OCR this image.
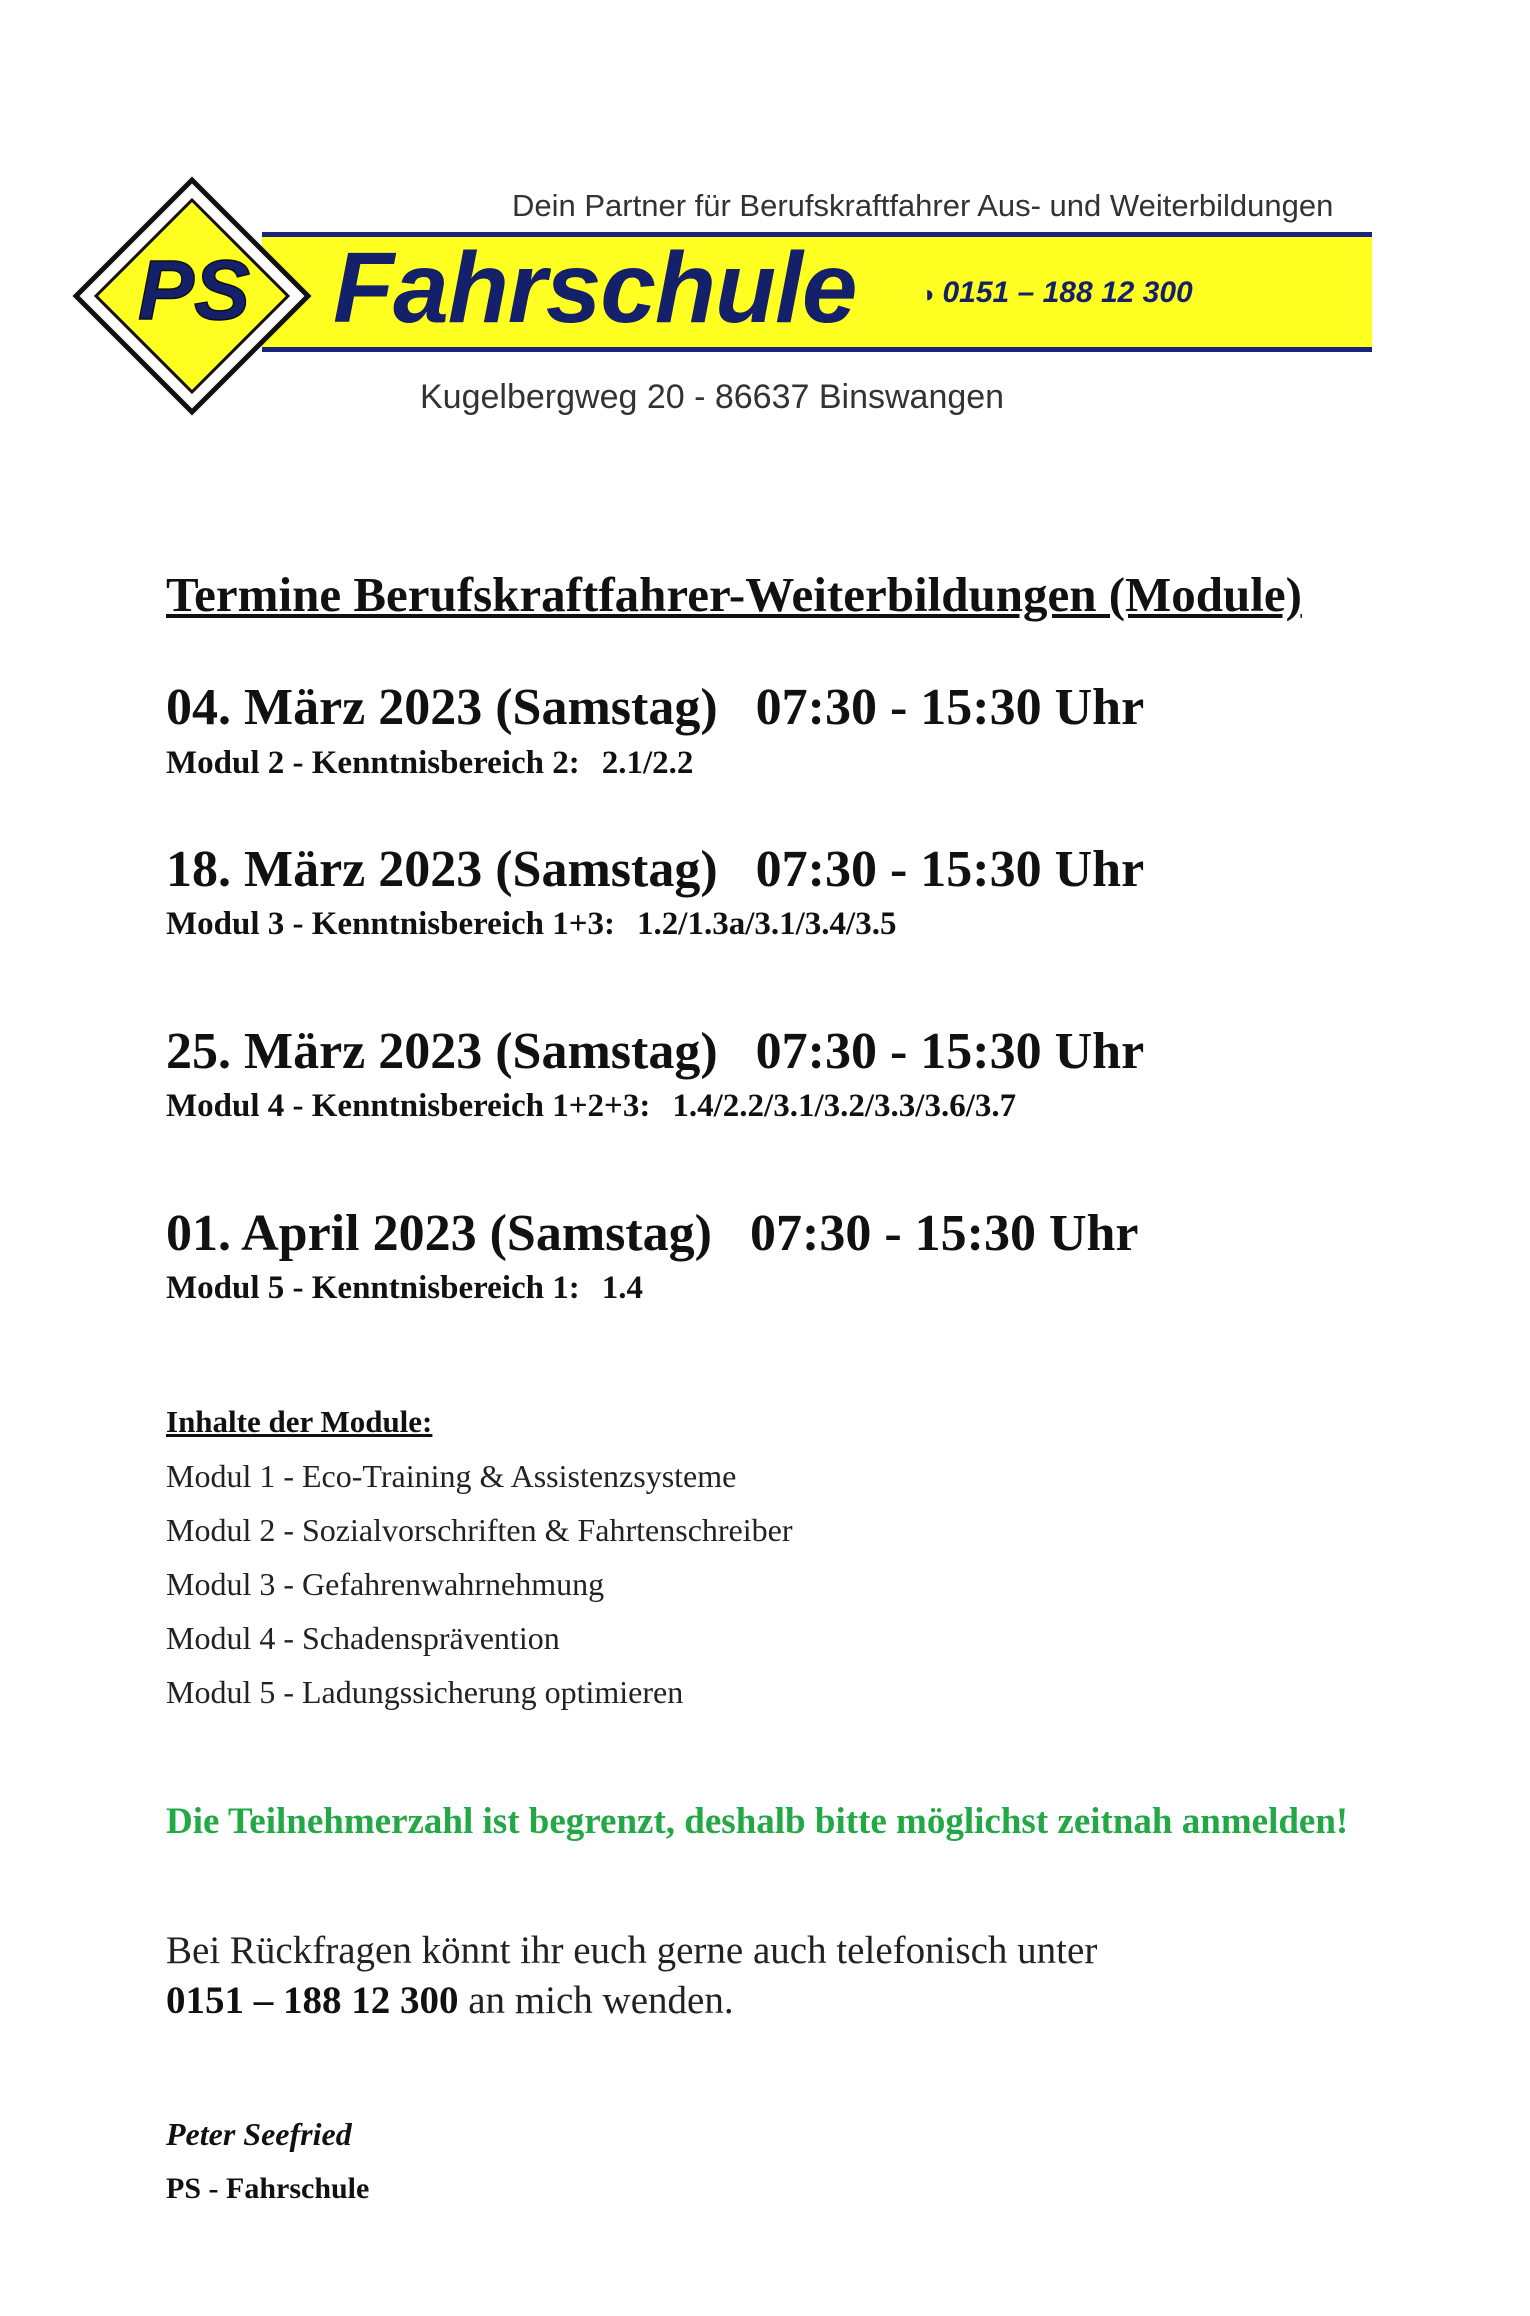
Dein Partner für Berufskraftfahrer Aus- und Weiterbildungen
Fahrschule	◑ 0151 – 188 12 300
Kugelbergweg 20 - 86637 Binswangen
PS
Termine Berufskraftfahrer-Weiterbildungen (Module)
04. März 2023 (Samstag) 07:30 - 15:30 Uhr
Modul 2 - Kenntnisbereich 2: 2.1/2.2
18. März 2023 (Samstag) 07:30 - 15:30 Uhr
Modul 3 - Kenntnisbereich 1+3: 1.2/1.3a/3.1/3.4/3.5
25. März 2023 (Samstag) 07:30 - 15:30 Uhr
Modul 4 - Kenntnisbereich 1+2+3: 1.4/2.2/3.1/3.2/3.3/3.6/3.7
01. April 2023 (Samstag) 07:30 - 15:30 Uhr
Modul 5 - Kenntnisbereich 1: 1.4
Inhalte der Module:
Modul 1 - Eco-Training & Assistenzsysteme
Modul 2 - Sozialvorschriften & Fahrtenschreiber
Modul 3 - Gefahrenwahrnehmung
Modul 4 - Schadensprävention
Modul 5 - Ladungssicherung optimieren
Die Teilnehmerzahl ist begrenzt, deshalb bitte möglichst zeitnah anmelden!
Bei Rückfragen könnt ihr euch gerne auch telefonisch unter
0151 – 188 12 300 an mich wenden.
Peter Seefried
PS - Fahrschule
